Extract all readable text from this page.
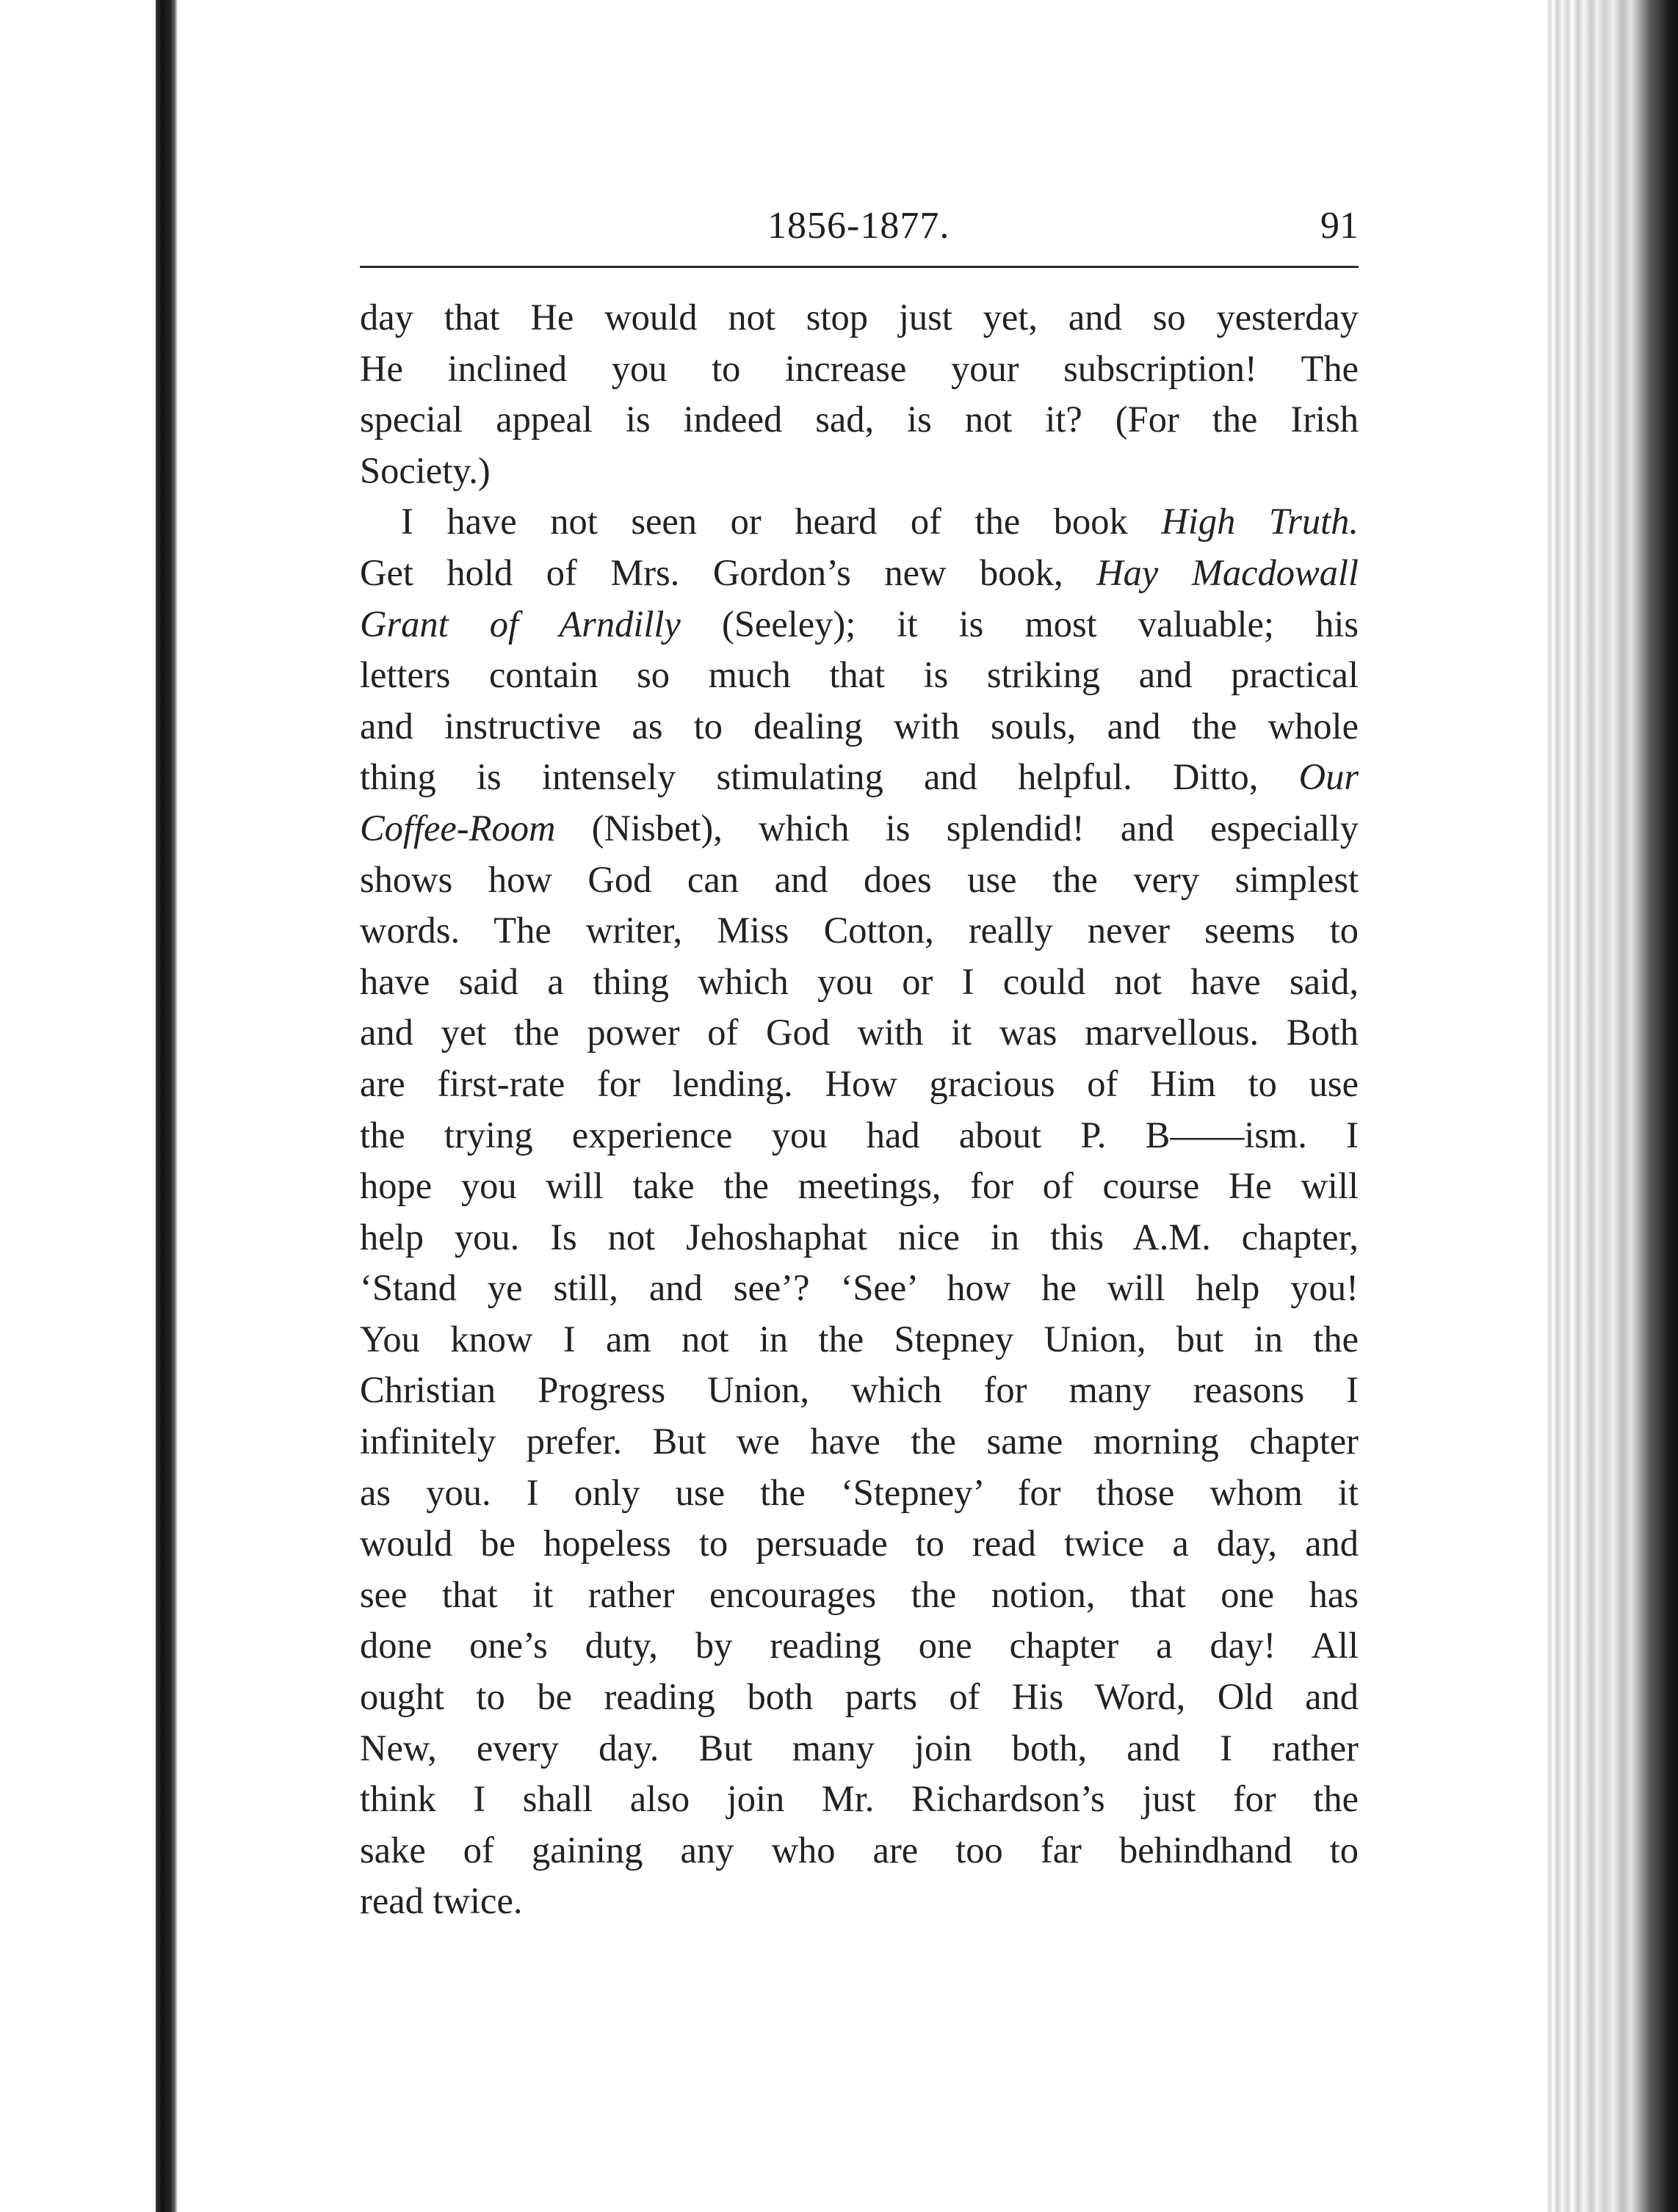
1856-1877.	91
day that He would not stop just yet, and so yesterday
He inclined you to increase your subscription! The
special appeal is indeed sad, is not it? (For the Irish
Society.)
I have not seen or heard of the book High Truth.
Get hold of Mrs. Gordon’s new book, Hay Macdowall
Grant of Arndilly (Seeley); it is most valuable; his
letters contain so much that is striking and practical
and instructive as to dealing with souls, and the whole
thing is intensely stimulating and helpful. Ditto, Our
Coffee-Room (Nisbet), which is splendid! and especially
shows how God can and does use the very simplest
words. The writer, Miss Cotton, really never seems to
have said a thing which you or I could not have said,
and yet the power of God with it was marvellous. Both
are first-rate for lending. How gracious of Him to use
the trying experience you had about P. B——ism. I
hope you will take the meetings, for of course He will
help you. Is not Jehoshaphat nice in this A.M. chapter,
‘Stand ye still, and see’? ‘See’ how he will help you!
You know I am not in the Stepney Union, but in the
Christian Progress Union, which for many reasons I
infinitely prefer. But we have the same morning chapter
as you. I only use the ‘Stepney’ for those whom it
would be hopeless to persuade to read twice a day, and
see that it rather encourages the notion, that one has
done one’s duty, by reading one chapter a day! All
ought to be reading both parts of His Word, Old and
New, every day. But many join both, and I rather
think I shall also join Mr. Richardson’s just for the
sake of gaining any who are too far behindhand to
read twice.
